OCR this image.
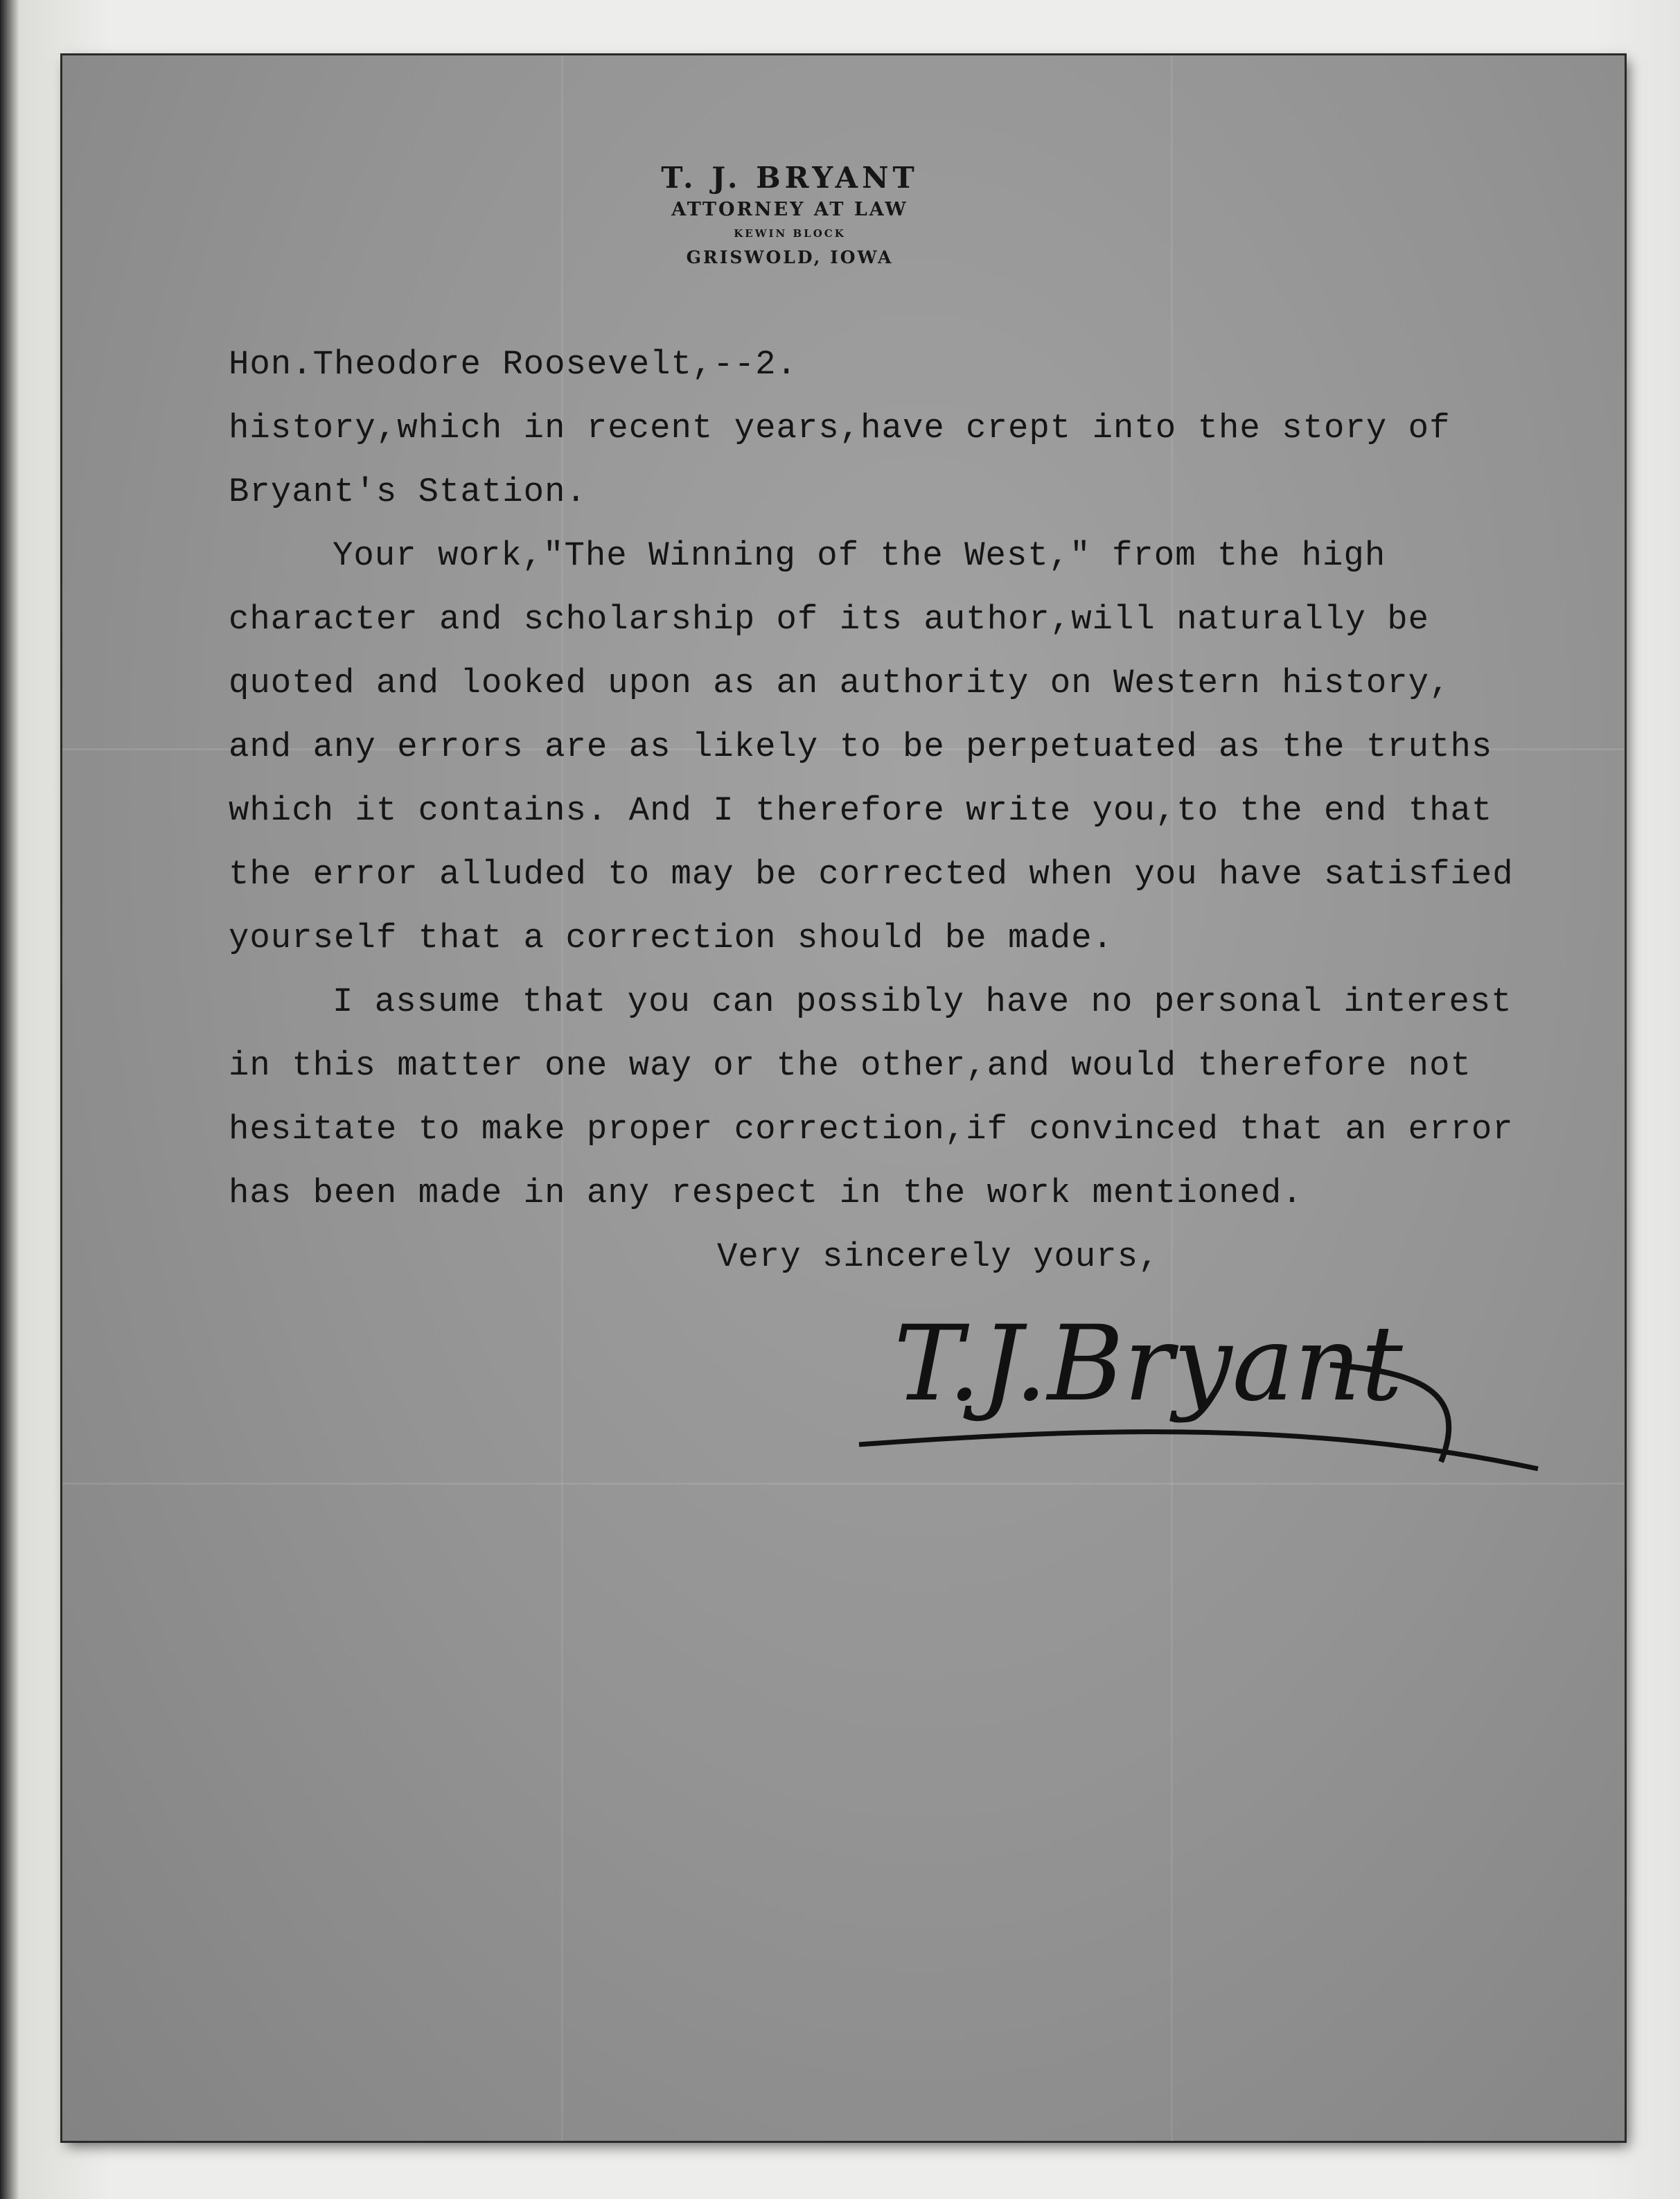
T. J. BRYANT
ATTORNEY AT LAW
KEWIN BLOCK
GRISWOLD, IOWA
Hon.Theodore Roosevelt,--2.
history,which in recent years,have crept into the story of
Bryant's Station.
Your work,"The Winning of the West," from the high
character and scholarship of its author,will naturally be
quoted and looked upon as an authority on Western history,
and any errors are as likely to be perpetuated as the truths
which it contains. And I therefore write you,to the end that
the error alluded to may be corrected when you have satisfied
yourself that a correction should be made.
I assume that you can possibly have no personal interest
in this matter one way or the other,and would therefore not
hesitate to make proper correction,if convinced that an error
has been made in any respect in the work mentioned.
Very sincerely yours,
T.J.Bryant
